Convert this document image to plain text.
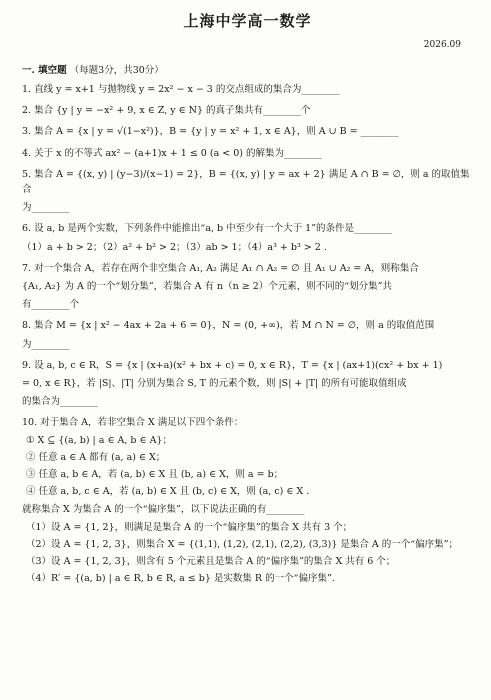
上海中学高一数学
2026.09
一. 填空题 （每题3分，共30分）
1. 直线 y = x+1 与抛物线 y = 2x² − x − 3 的交点组成的集合为________
2. 集合 {y | y = −x² + 9, x ∈ Z, y ∈ N} 的真子集共有________个
3. 集合 A = {x | y = √(1−x²)}，B = {y | y = x² + 1, x ∈ A}，则 A ∪ B = ________
4. 关于 x 的不等式 ax² − (a+1)x + 1 ≤ 0 (a < 0) 的解集为________
5. 集合 A = {(x, y) | (y−3)/(x−1) = 2}，B = {(x, y) | y = ax + 2} 满足 A ∩ B = ∅，则 a 的取值集合
为________
6. 设 a, b 是两个实数，下列条件中能推出“a, b 中至少有一个大于 1”的条件是________
（1）a + b > 2；（2）a² + b² > 2；（3）ab > 1；（4）a³ + b³ > 2 .
7. 对一个集合 A，若存在两个非空集合 A₁, A₂ 满足 A₁ ∩ A₂ = ∅ 且 A₁ ∪ A₂ = A，则称集合
{A₁, A₂} 为 A 的一个“划分集”，若集合 A 有 n（n ≥ 2）个元素，则不同的“划分集”共
有________个
8. 集合 M = {x | x² − 4ax + 2a + 6 = 0}，N = (0, +∞)，若 M ∩ N = ∅，则 a 的取值范围
为________
9. 设 a, b, c ∈ R，S = {x | (x+a)(x² + bx + c) = 0, x ∈ R}，T = {x | (ax+1)(cx² + bx + 1)
= 0, x ∈ R}，若 |S|、|T| 分别为集合 S, T 的元素个数，则 |S| + |T| 的所有可能取值组成
的集合为________
10. 对于集合 A，若非空集合 X 满足以下四个条件：
① X ⊆ {(a, b) | a ∈ A, b ∈ A}；
② 任意 a ∈ A 都有 (a, a) ∈ X；
③ 任意 a, b ∈ A，若 (a, b) ∈ X 且 (b, a) ∈ X，则 a = b；
④ 任意 a, b, c ∈ A，若 (a, b) ∈ X 且 (b, c) ∈ X，则 (a, c) ∈ X .
就称集合 X 为集合 A 的一个“偏序集”，以下说法正确的有________
（1）设 A = {1, 2}，则满足是集合 A 的一个“偏序集”的集合 X 共有 3 个；
（2）设 A = {1, 2, 3}，则集合 X = {(1,1), (1,2), (2,1), (2,2), (3,3)} 是集合 A 的一个“偏序集”；
（3）设 A = {1, 2, 3}，则含有 5 个元素且是集合 A 的“偏序集”的集合 X 共有 6 个；
（4）R′ = {(a, b) | a ∈ R, b ∈ R, a ≤ b} 是实数集 R 的一个“偏序集”.
